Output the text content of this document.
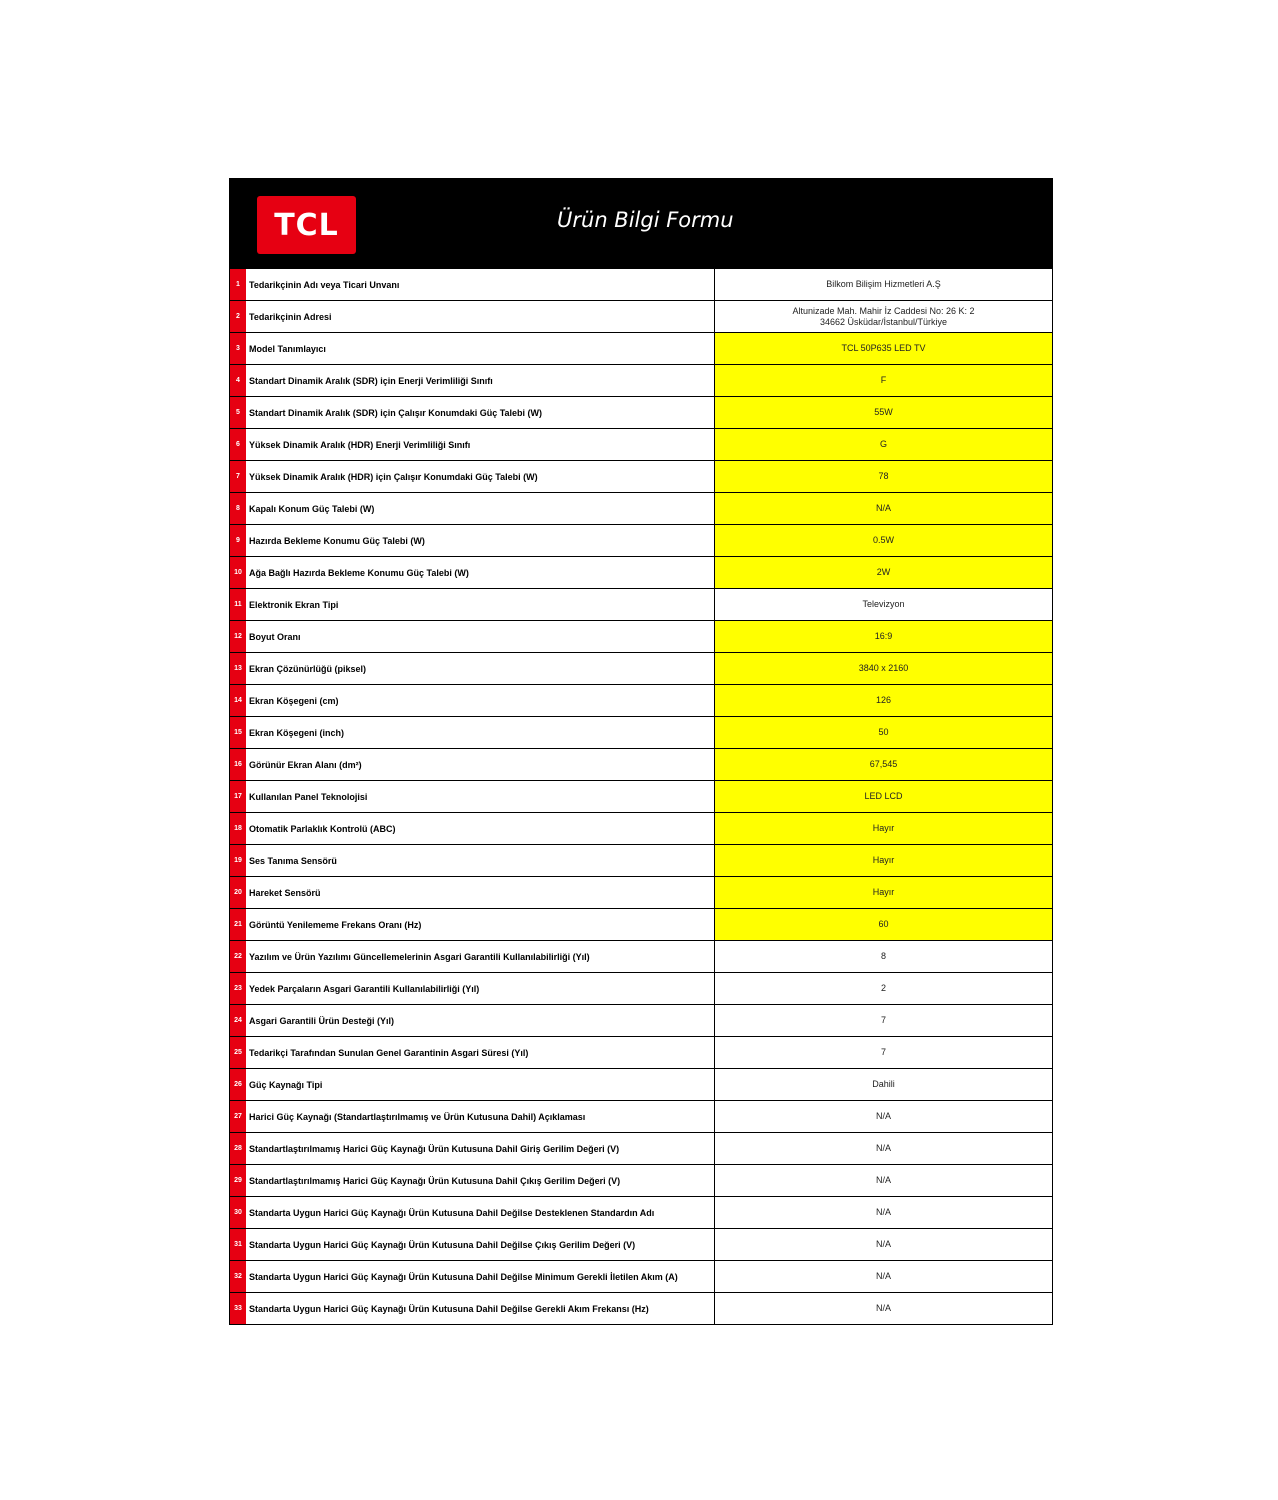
TCL	Ürün Bilgi Formu
1	Tedarikçinin Adı veya Ticari Unvanı	Bilkom Bilişim Hizmetleri A.Ş
2	Tedarikçinin Adresi
Altunizade Mah. Mahir İz Caddesi No: 26 K: 2
34662 Üsküdar/İstanbul/Türkiye
3	Model Tanımlayıcı	TCL 50P635 LED TV
4	Standart Dinamik Aralık (SDR) için Enerji Verimliliği Sınıfı	F
5	Standart Dinamik Aralık (SDR) için Çalışır Konumdaki Güç Talebi (W)	55W
6	Yüksek Dinamik Aralık (HDR) Enerji Verimliliği Sınıfı	G
7	Yüksek Dinamik Aralık (HDR) için Çalışır Konumdaki Güç Talebi (W)	78
8	Kapalı Konum Güç Talebi (W)	N/A
9	Hazırda Bekleme Konumu Güç Talebi (W)	0.5W
10 Ağa Bağlı Hazırda Bekleme Konumu Güç Talebi (W)	2W
11 Elektronik Ekran Tipi	Televizyon
12 Boyut Oranı	16:9
13 Ekran Çözünürlüğü (piksel)	3840 x 2160
14 Ekran Köşegeni (cm)	126
15 Ekran Köşegeni (inch)	50
16 Görünür Ekran Alanı (dm²)	67,545
17 Kullanılan Panel Teknolojisi	LED LCD
18 Otomatik Parlaklık Kontrolü (ABC)	Hayır
19 Ses Tanıma Sensörü	Hayır
20 Hareket Sensörü	Hayır
21 Görüntü Yenilememe Frekans Oranı (Hz)	60
22 Yazılım ve Ürün Yazılımı Güncellemelerinin Asgari Garantili Kullanılabilirliği (Yıl)	8
23 Yedek Parçaların Asgari Garantili Kullanılabilirliği (Yıl)	2
24 Asgari Garantili Ürün Desteği (Yıl)	7
25 Tedarikçi Tarafından Sunulan Genel Garantinin Asgari Süresi (Yıl)	7
26 Güç Kaynağı Tipi	Dahili
27 Harici Güç Kaynağı (Standartlaştırılmamış ve Ürün Kutusuna Dahil) Açıklaması	N/A
28 Standartlaştırılmamış Harici Güç Kaynağı Ürün Kutusuna Dahil Giriş Gerilim Değeri (V)	N/A
29 Standartlaştırılmamış Harici Güç Kaynağı Ürün Kutusuna Dahil Çıkış Gerilim Değeri (V)	N/A
30 Standarta Uygun Harici Güç Kaynağı Ürün Kutusuna Dahil Değilse Desteklenen Standardın Adı	N/A
31 Standarta Uygun Harici Güç Kaynağı Ürün Kutusuna Dahil Değilse Çıkış Gerilim Değeri (V)	N/A
32 Standarta Uygun Harici Güç Kaynağı Ürün Kutusuna Dahil Değilse Minimum Gerekli İletilen Akım (A)	N/A
33 Standarta Uygun Harici Güç Kaynağı Ürün Kutusuna Dahil Değilse Gerekli Akım Frekansı (Hz)	N/A
